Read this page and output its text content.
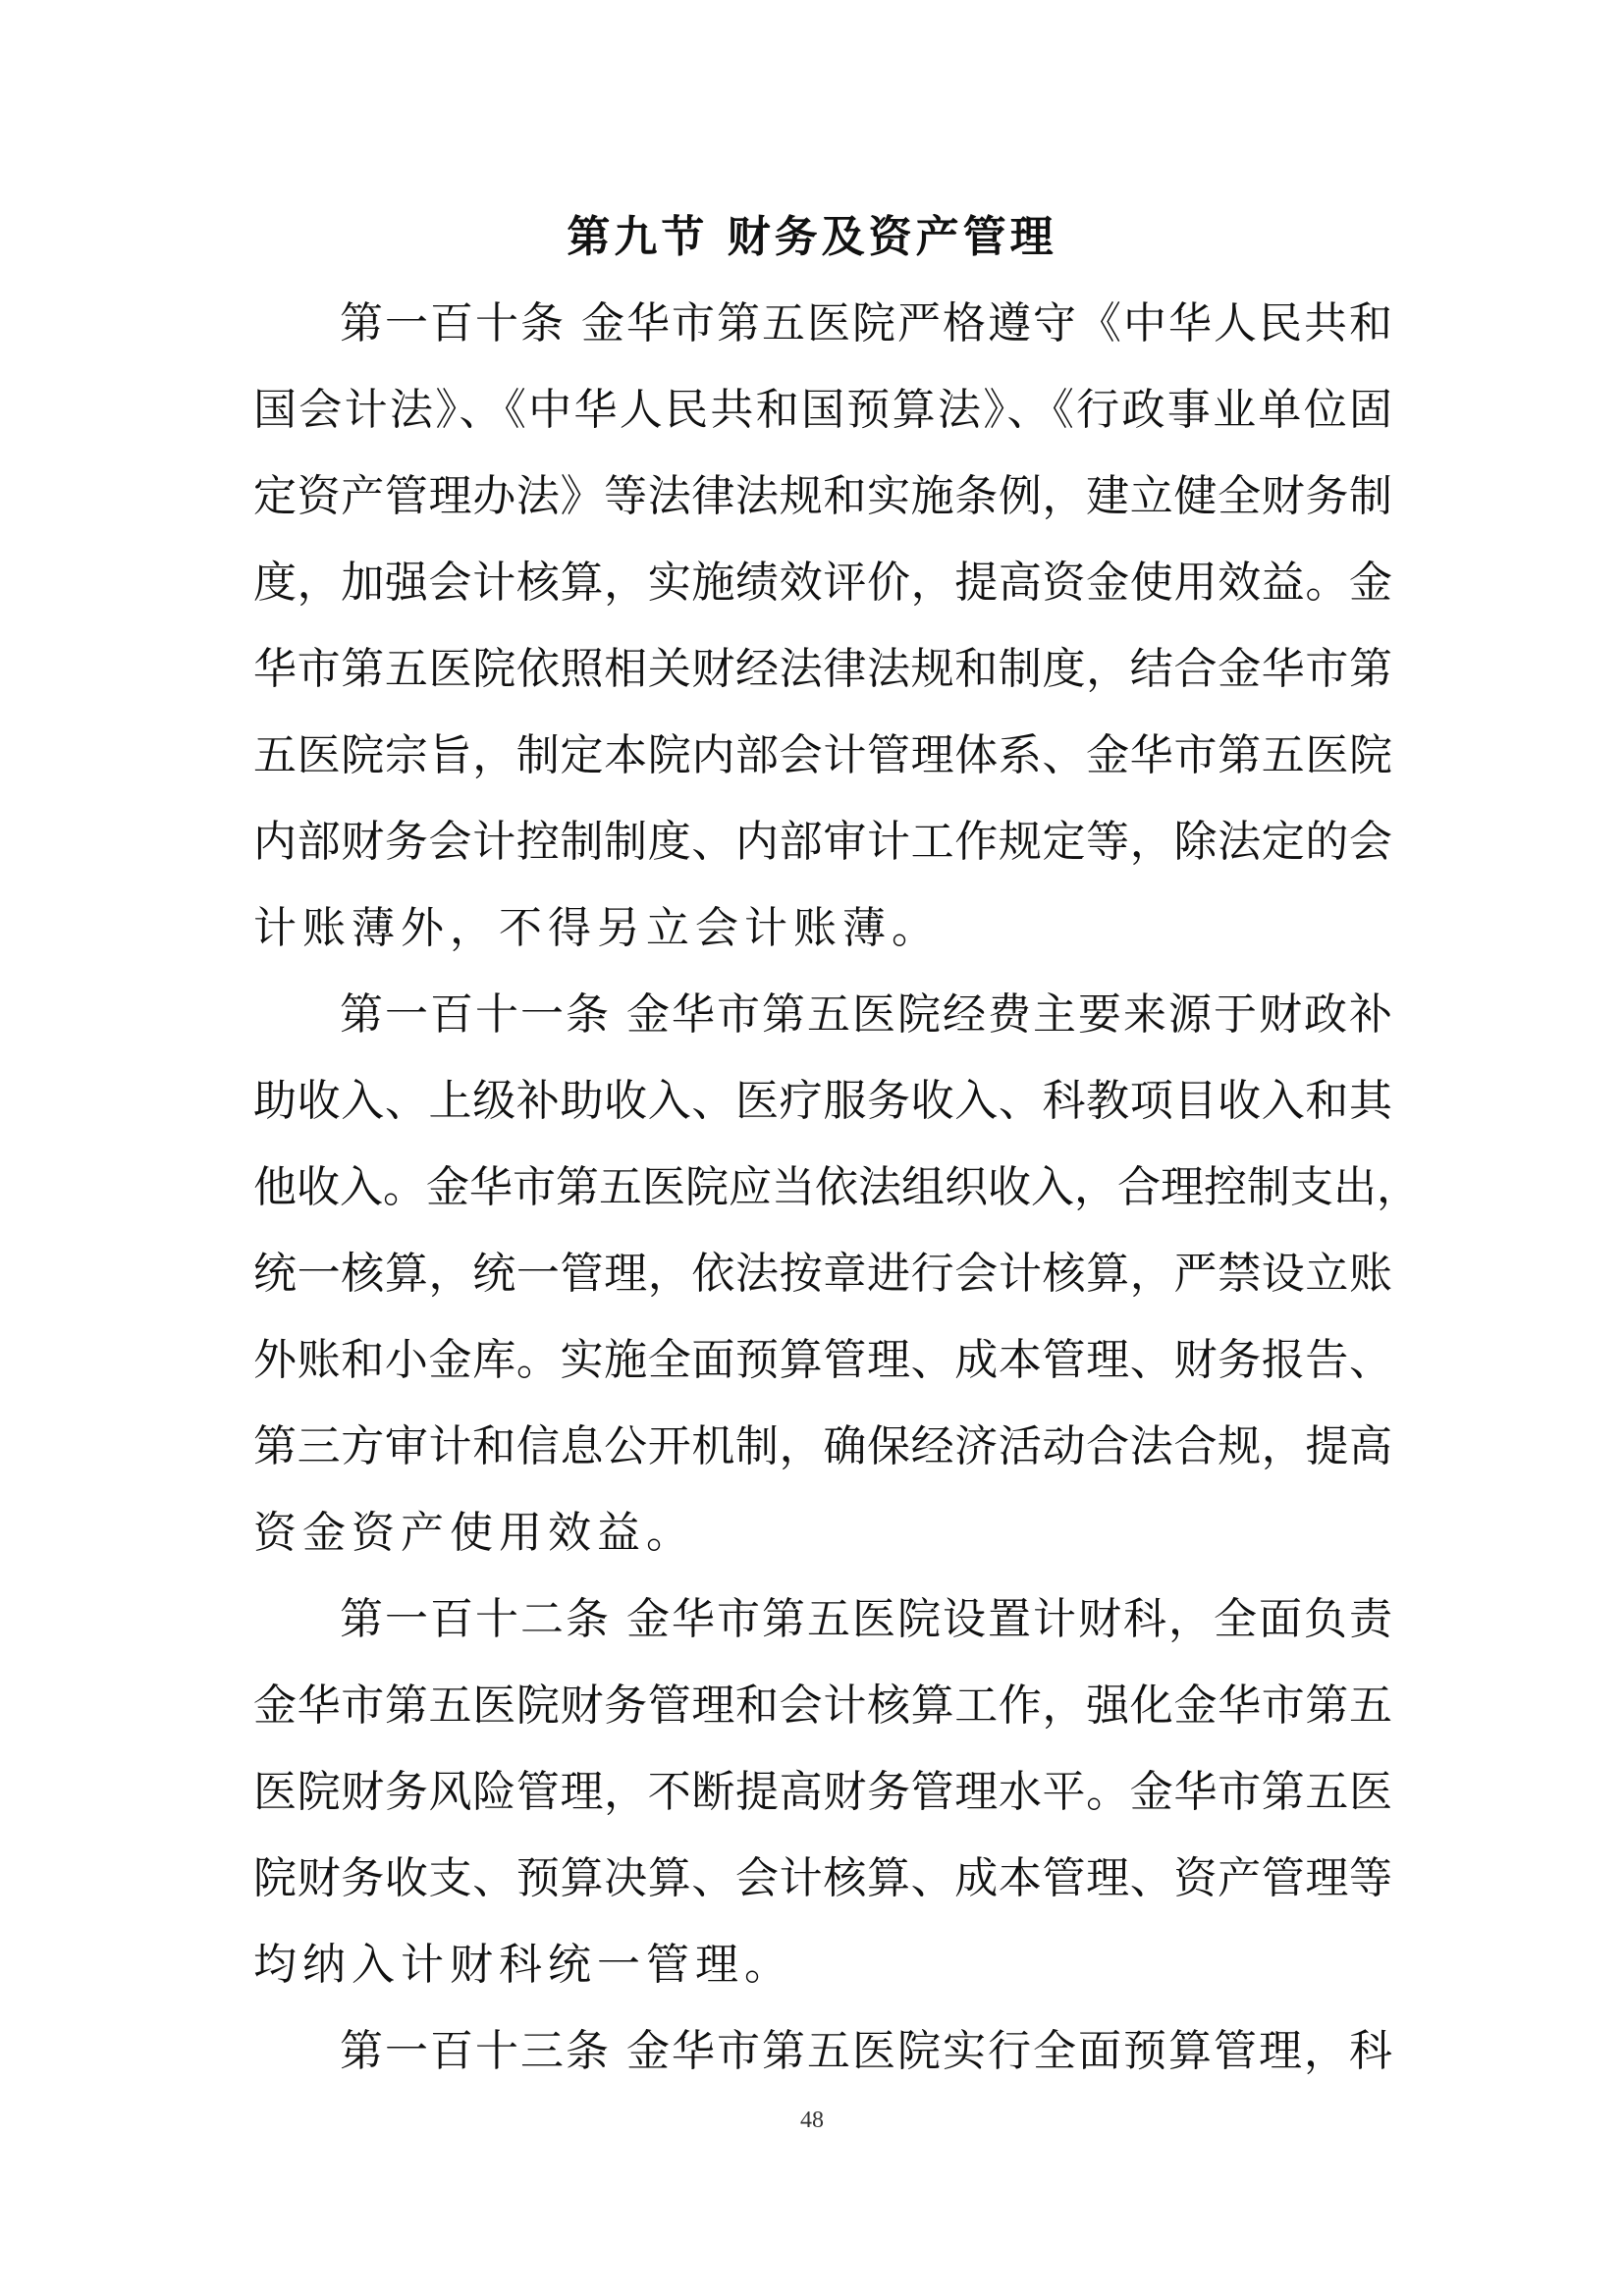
第九节 财务及资产管理
第一百十条 金华市第五医院严格遵守《中华人民共和
国会计法》、《中华人民共和国预算法》、《行政事业单位固
定资产管理办法》等法律法规和实施条例，建立健全财务制
度，加强会计核算，实施绩效评价，提高资金使用效益。金
华市第五医院依照相关财经法律法规和制度，结合金华市第
五医院宗旨，制定本院内部会计管理体系、金华市第五医院
内部财务会计控制制度、内部审计工作规定等，除法定的会
计账薄外，不得另立会计账薄。
第一百十一条 金华市第五医院经费主要来源于财政补
助收入、上级补助收入、医疗服务收入、科教项目收入和其
他收入。金华市第五医院应当依法组织收入，合理控制支出，
统一核算，统一管理，依法按章进行会计核算，严禁设立账
外账和小金库。实施全面预算管理、成本管理、财务报告、
第三方审计和信息公开机制，确保经济活动合法合规，提高
资金资产使用效益。
第一百十二条 金华市第五医院设置计财科，全面负责
金华市第五医院财务管理和会计核算工作，强化金华市第五
医院财务风险管理，不断提高财务管理水平。金华市第五医
院财务收支、预算决算、会计核算、成本管理、资产管理等
均纳入计财科统一管理。
第一百十三条 金华市第五医院实行全面预算管理，科
48
